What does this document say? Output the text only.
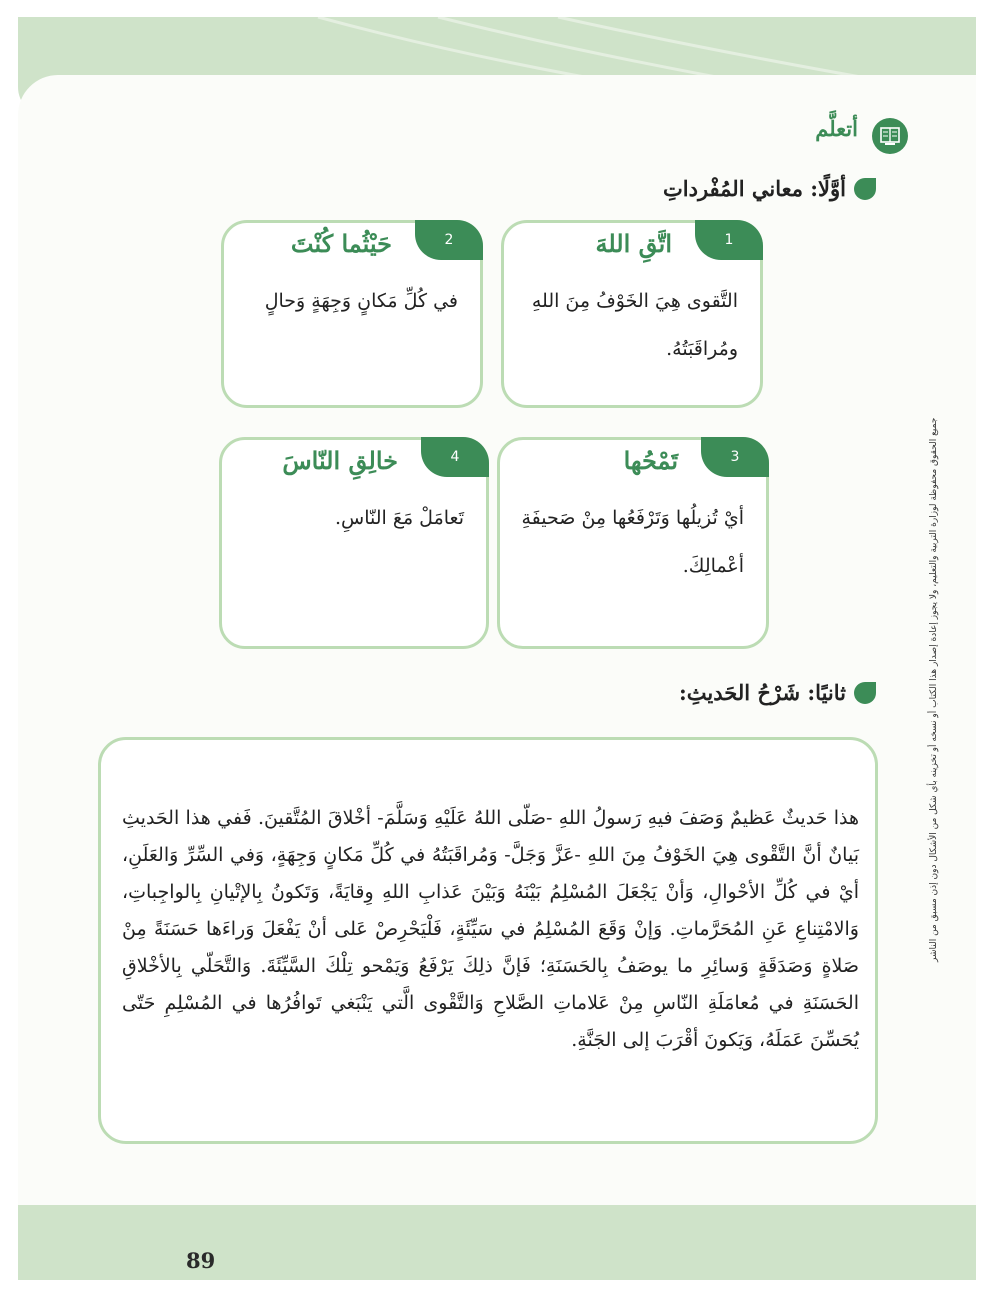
جميع الحقوق محفوظة لوزارة التربية والتعليم، ولا يجوز إعادة إصدار هذا الكتاب أو نسخه أو تخزينه بأي شكل من الأشكال دون إذن مسبق من الناشر
أتعلَّم
أوَّلًا: معاني المُفْرداتِ
1
اتَّقِ اللهَ
التَّقوى هِيَ الخَوْفُ مِنَ اللهِ ومُراقَبَتُهُ.
2
حَيْثُما كُنْتَ
في كُلِّ مَكانٍ وَجِهَةٍ وَحالٍ
3
تَمْحُها
أيْ تُزيلُها وَتَرْفَعُها مِنْ صَحيفَةِ أعْمالِكَ.
4
خالِقِ النّاسَ
تَعامَلْ مَعَ النّاسِ.
ثانيًا: شَرْحُ الحَديثِ:
هذا حَديثٌ عَظيمٌ وَصَفَ فيهِ رَسولُ اللهِ -صَلّى اللهُ عَلَيْهِ وَسَلَّمَ- أخْلاقَ المُتَّقينَ. فَفي هذا الحَديثِ بَيانٌ أنَّ التَّقْوى هِيَ الخَوْفُ مِنَ اللهِ -عَزَّ وَجَلَّ- وَمُراقَبَتُهُ في كُلِّ مَكانٍ وَجِهَةٍ، وَفي السِّرِّ وَالعَلَنِ، أيْ في كُلِّ الأحْوالِ، وَأنْ يَجْعَلَ المُسْلِمُ بَيْنَهُ وَبَيْنَ عَذابِ اللهِ وِقايَةً، وَتَكونُ بِالإتْيانِ بِالواجِباتِ، وَالامْتِناعِ عَنِ المُحَرَّماتِ. وَإنْ وَقَعَ المُسْلِمُ في سَيِّئَةٍ، فَلْيَحْرِصْ عَلى أنْ يَفْعَلَ وَراءَها حَسَنَةً مِنْ صَلاةٍ وَصَدَقَةٍ وَسائِرِ ما يوصَفُ بِالحَسَنَةِ؛ فَإنَّ ذلِكَ يَرْفَعُ وَيَمْحو تِلْكَ السَّيِّئَةَ. وَالتَّحَلّي بِالأخْلاقِ الحَسَنَةِ في مُعامَلَةِ النّاسِ مِنْ عَلاماتِ الصَّلاحِ وَالتَّقْوى الَّتي يَنْبَغي تَوافُرُها في المُسْلِمِ حَتّى يُحَسِّنَ عَمَلَهُ، وَيَكونَ أقْرَبَ إلى الجَنَّةِ.
89
